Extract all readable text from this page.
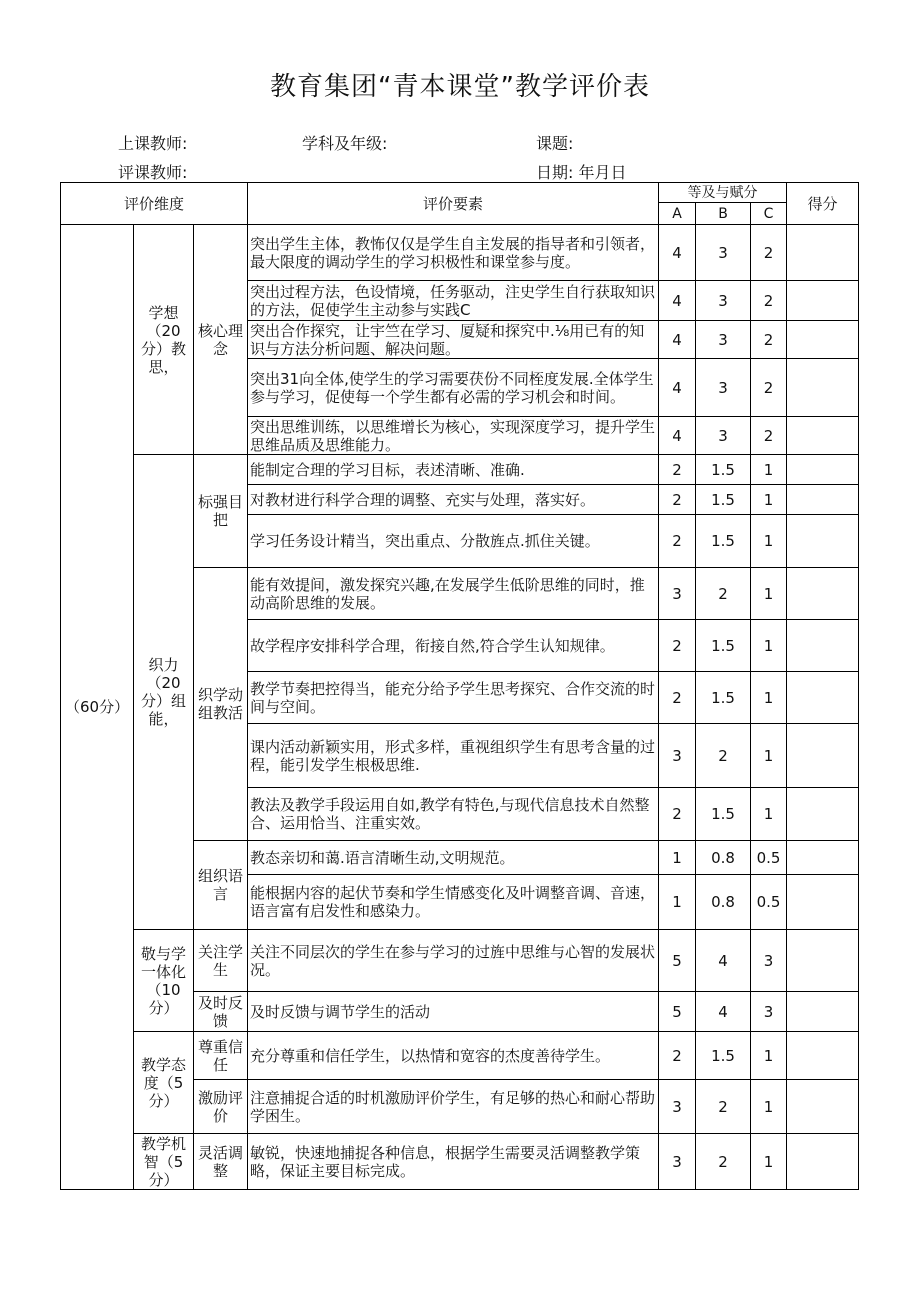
教育集团“青本课堂”教学评价表
上课教师:	学科及年级:	课题:
评课教师:	日期: 年月日
评价维度			评价要素	等及与赋分			得分
				A	B	C	
（60分）	学想（20分）教思，	核心理念	突出学生主体，教怖仅仅是学生自主发展的指导者和引领者，最大限度的调动学生的学习枳极性和课堂参与度。	4	3	2	
			突出过程方法，色设情境，任务驱动，注史学生自行获取知识的方法，促使学生主动参与实践C	4	3	2	
			突出合作探究，让宇竺在学习、厦疑和探究中.⅛用已有的知识与方法分析问题、解决问题。	4	3	2	
			突出31向全体,使学生的学习需要茯份不同桎度发展.全体学生参与学习，促使每一个学生都有必需的学习机会和时间。	4	3	2	
			突出思维训练，以思维增长为核心，实现深度学习，提升学生思维品质及思维能力。	4	3	2	
	织力（20分）组能，	标强目把	能制定合理的学习目标，表述清晰、准确.	2	1.5	1	
			对教材进行科学合理的调整、充实与处理，落实好。	2	1.5	1	
			学习任务设计精当，突出重点、分散旌点.抓住关键。	2	1.5	1	
		织学动组教活	能有效提间，激发探究兴趣,在发展学生低阶思维的同时，推动高阶思维的发展。	3	2	1	
			故学程序安排科学合理，衔接自然,符合学生认知规律。	2	1.5	1	
			教学节奏把控得当，能充分给予学生思考探究、合作交流的时间与空间。	2	1.5	1	
			课内活动新颖实用，形式多样，重视组织学生有思考含量的过程，能引发学生根极思维.	3	2	1	
			教法及教学手段运用自如,教学有特色,与现代信息技术自然整合、运用恰当、注重实效。	2	1.5	1	
		组织语言	教态亲切和蔼.语言清晰生动,文明规范。	1	0.8	0.5	
			能根据内容的起伏节奏和学生情感变化及叶调整音调、音速，语言富有启发性和感染力。	1	0.8	0.5	
	敬与学一体化（10分）	关注学生	关注不同层次的学生在参与学习的过旌中思维与心智的发展状况。	5	4	3	
		及时反馈	及时反馈与调节学生的活动	5	4	3	
	教学态度（5分）	尊重信任	充分尊重和信任学生，以热情和宽容的杰度善待学生。	2	1.5	1	
		激励评价	注意捕捉合适的时机激励评价学生，有足够的热心和耐心帮助学困生。	3	2	1	
	教学机智（5分）	灵活调整	敏锐，快速地捕捉各种信息，根据学生需要灵活调整教学策略，保证主要目标完成。	3	2	1	
